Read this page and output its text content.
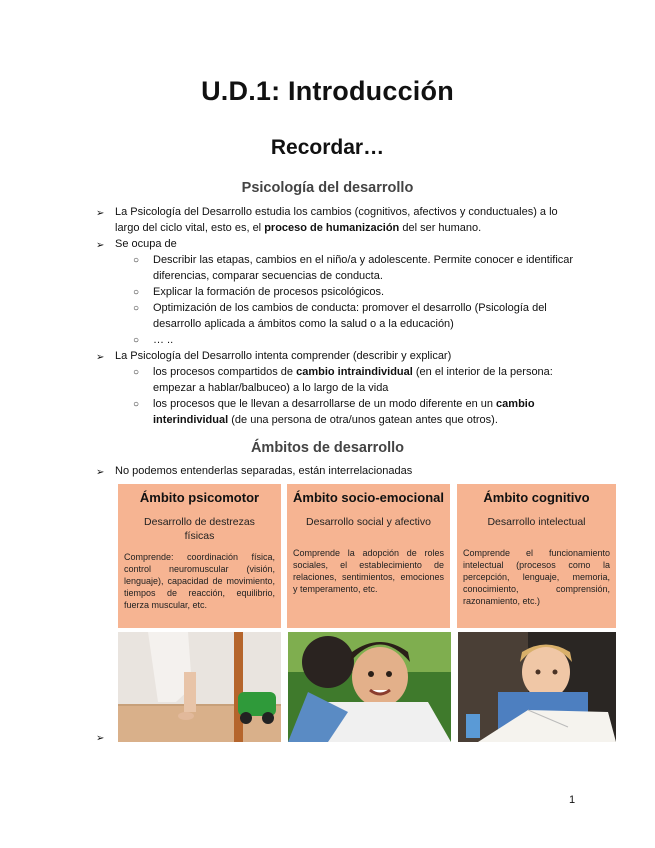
U.D.1: Introducción
Recordar…
Psicología del desarrollo
➢ La Psicología del Desarrollo estudia los cambios (cognitivos, afectivos y conductuales) a lo largo del ciclo vital, esto es, el proceso de humanización del ser humano.
➢ Se ocupa de
○ Describir las etapas, cambios en el niño/a y adolescente. Permite conocer e identificar diferencias, comparar secuencias de conducta.
○ Explicar la formación de procesos psicológicos.
○ Optimización de los cambios de conducta: promover el desarrollo (Psicología del desarrollo aplicada a ámbitos como la salud o a la educación)
○ … ..
➢ La Psicología del Desarrollo intenta comprender (describir y explicar)
○ los procesos compartidos de cambio intraindividual (en el interior de la persona: empezar a hablar/balbuceo) a lo largo de la vida
○ los procesos que le llevan a desarrollarse de un modo diferente en un cambio interindividual (de una persona de otra/unos gatean antes que otros).
Ámbitos de desarrollo
➢ No podemos entenderlas separadas, están interrelacionadas
Ámbito psicomotor
Desarrollo de destrezas físicas
Comprende: coordinación física, control neuromuscular (visión, lenguaje), capacidad de movimiento, tiempos de reacción, equilibrio, fuerza muscular, etc.
Ámbito socio-emocional
Desarrollo social y afectivo
Comprende la adopción de roles sociales, el establecimiento de relaciones, sentimientos, emociones y temperamento, etc.
Ámbito cognitivo
Desarrollo intelectual
Comprende el funcionamiento intelectual (procesos como la percepción, lenguaje, memoria, conocimiento, comprensión, razonamiento, etc.)
➢
1
